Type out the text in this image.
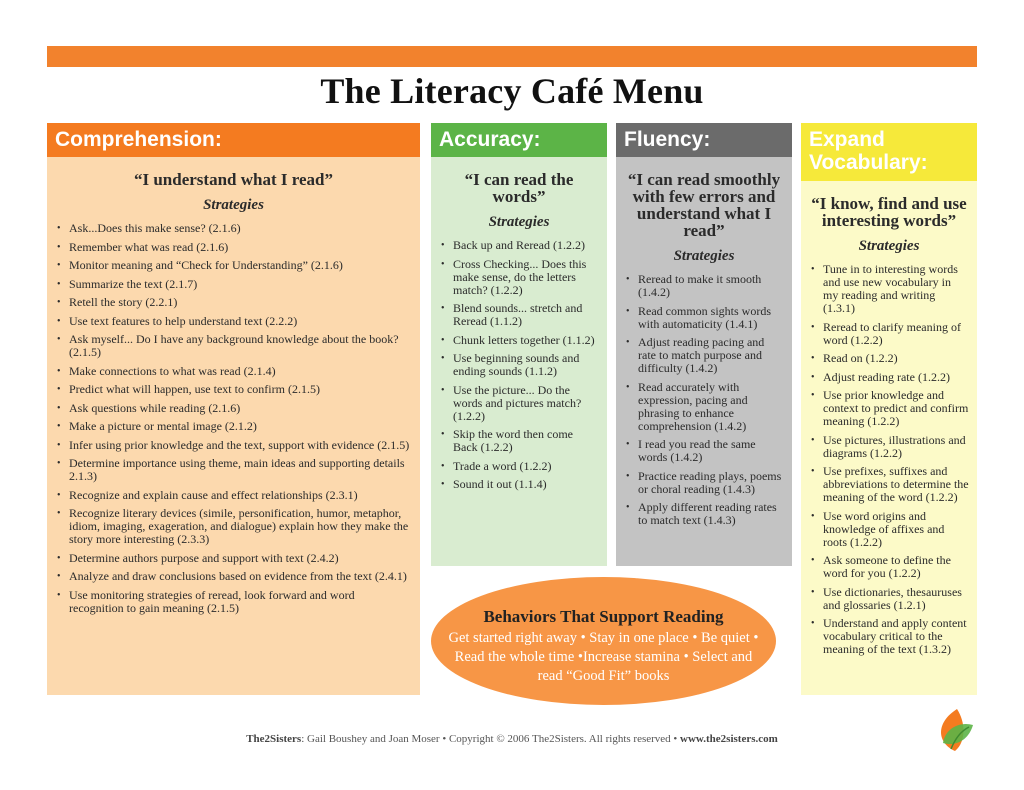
The Literacy Café Menu
Comprehension:
“I understand what I read”
Strategies
• Ask...Does this make sense? (2.1.6)
• Remember what was read (2.1.6)
• Monitor meaning and “Check for Understanding” (2.1.6)
• Summarize the text (2.1.7)
• Retell the story (2.2.1)
• Use text features to help understand text (2.2.2)
• Ask myself... Do I have any background knowledge about the book? (2.1.5)
• Make connections to what was read (2.1.4)
• Predict what will happen, use text to confirm (2.1.5)
• Ask questions while reading (2.1.6)
• Make a picture or mental image (2.1.2)
• Infer using prior knowledge and the text, support with evidence (2.1.5)
• Determine importance using theme, main ideas and supporting details 2.1.3)
• Recognize and explain cause and effect relationships (2.3.1)
• Recognize literary devices (simile, personification, humor, metaphor, idiom, imaging, exageration, and dialogue) explain how they make the story more interesting (2.3.3)
• Determine authors purpose and support with text (2.4.2)
• Analyze and draw conclusions based on evidence from the text (2.4.1)
• Use monitoring strategies of reread, look forward and word recognition to gain meaning (2.1.5)
Accuracy:
“I can read the words”
Strategies
• Back up and Reread (1.2.2)
• Cross Checking... Does this make sense, do the letters match? (1.2.2)
• Blend sounds... stretch and Reread (1.1.2)
• Chunk letters together (1.1.2)
• Use beginning sounds and ending sounds (1.1.2)
• Use the picture... Do the words and pictures match? (1.2.2)
• Skip the word then come Back (1.2.2)
• Trade a word (1.2.2)
• Sound it out (1.1.4)
Fluency:
“I can read smoothly with few errors and understand what I read”
Strategies
• Reread to make it smooth (1.4.2)
• Read common sights words with automaticity (1.4.1)
• Adjust reading pacing and rate to match purpose and difficulty (1.4.2)
• Read accurately with expression, pacing and phrasing to enhance comprehension (1.4.2)
• I read you read the same words (1.4.2)
• Practice reading plays, poems or choral reading (1.4.3)
• Apply different reading rates to match text (1.4.3)
Expand
Vocabulary:
“I know, find and use interesting words”
Strategies
• Tune in to interesting words and use new vocabulary in my reading and writing (1.3.1)
• Reread to clarify meaning of word (1.2.2)
• Read on (1.2.2)
• Adjust reading rate (1.2.2)
• Use prior knowledge and context to predict and confirm meaning (1.2.2)
• Use pictures, illustrations and diagrams (1.2.2)
• Use prefixes, suffixes and abbreviations to determine the meaning of the word (1.2.2)
• Use word origins and knowledge of affixes and roots (1.2.2)
• Ask someone to define the word for you (1.2.2)
• Use dictionaries, thesauruses and glossaries (1.2.1)
• Understand and apply content vocabulary critical to the meaning of the text (1.3.2)
Behaviors That Support Reading
Get started right away • Stay in one place • Be quiet • Read the whole time •Increase stamina • Select and read “Good Fit” books
The2Sisters: Gail Boushey and Joan Moser • Copyright © 2006 The2Sisters. All rights reserved • www.the2sisters.com
